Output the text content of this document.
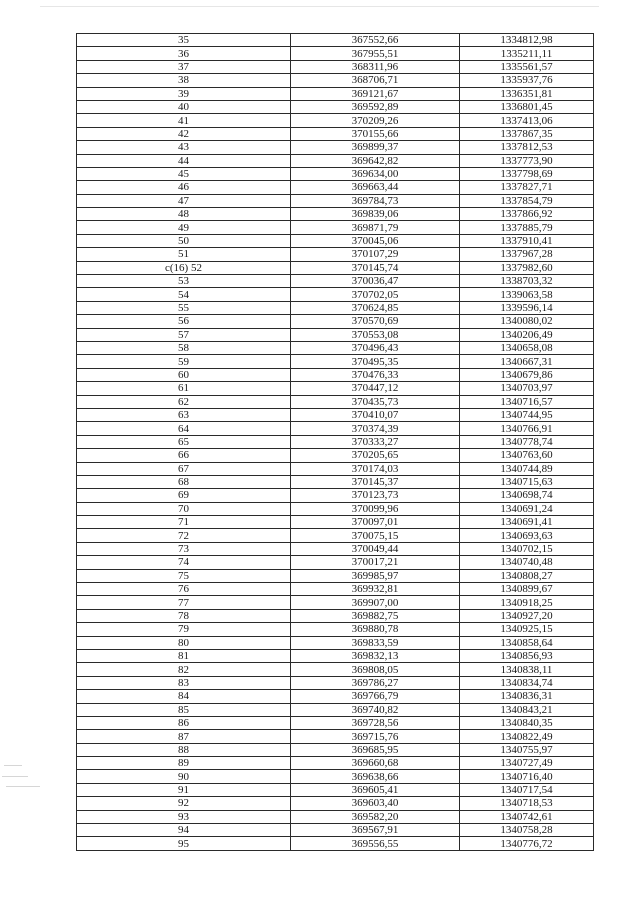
35	367552,66	1334812,98
36	367955,51	1335211,11
37	368311,96	1335561,57
38	368706,71	1335937,76
39	369121,67	1336351,81
40	369592,89	1336801,45
41	370209,26	1337413,06
42	370155,66	1337867,35
43	369899,37	1337812,53
44	369642,82	1337773,90
45	369634,00	1337798,69
46	369663,44	1337827,71
47	369784,73	1337854,79
48	369839,06	1337866,92
49	369871,79	1337885,79
50	370045,06	1337910,41
51	370107,29	1337967,28
c(16) 52	370145,74	1337982,60
53	370036,47	1338703,32
54	370702,05	1339063,58
55	370624,85	1339596,14
56	370570,69	1340080,02
57	370553,08	1340206,49
58	370496,43	1340658,08
59	370495,35	1340667,31
60	370476,33	1340679,86
61	370447,12	1340703,97
62	370435,73	1340716,57
63	370410,07	1340744,95
64	370374,39	1340766,91
65	370333,27	1340778,74
66	370205,65	1340763,60
67	370174,03	1340744,89
68	370145,37	1340715,63
69	370123,73	1340698,74
70	370099,96	1340691,24
71	370097,01	1340691,41
72	370075,15	1340693,63
73	370049,44	1340702,15
74	370017,21	1340740,48
75	369985,97	1340808,27
76	369932,81	1340899,67
77	369907,00	1340918,25
78	369882,75	1340927,20
79	369880,78	1340925,15
80	369833,59	1340858,64
81	369832,13	1340856,93
82	369808,05	1340838,11
83	369786,27	1340834,74
84	369766,79	1340836,31
85	369740,82	1340843,21
86	369728,56	1340840,35
87	369715,76	1340822,49
88	369685,95	1340755,97
89	369660,68	1340727,49
90	369638,66	1340716,40
91	369605,41	1340717,54
92	369603,40	1340718,53
93	369582,20	1340742,61
94	369567,91	1340758,28
95	369556,55	1340776,72
